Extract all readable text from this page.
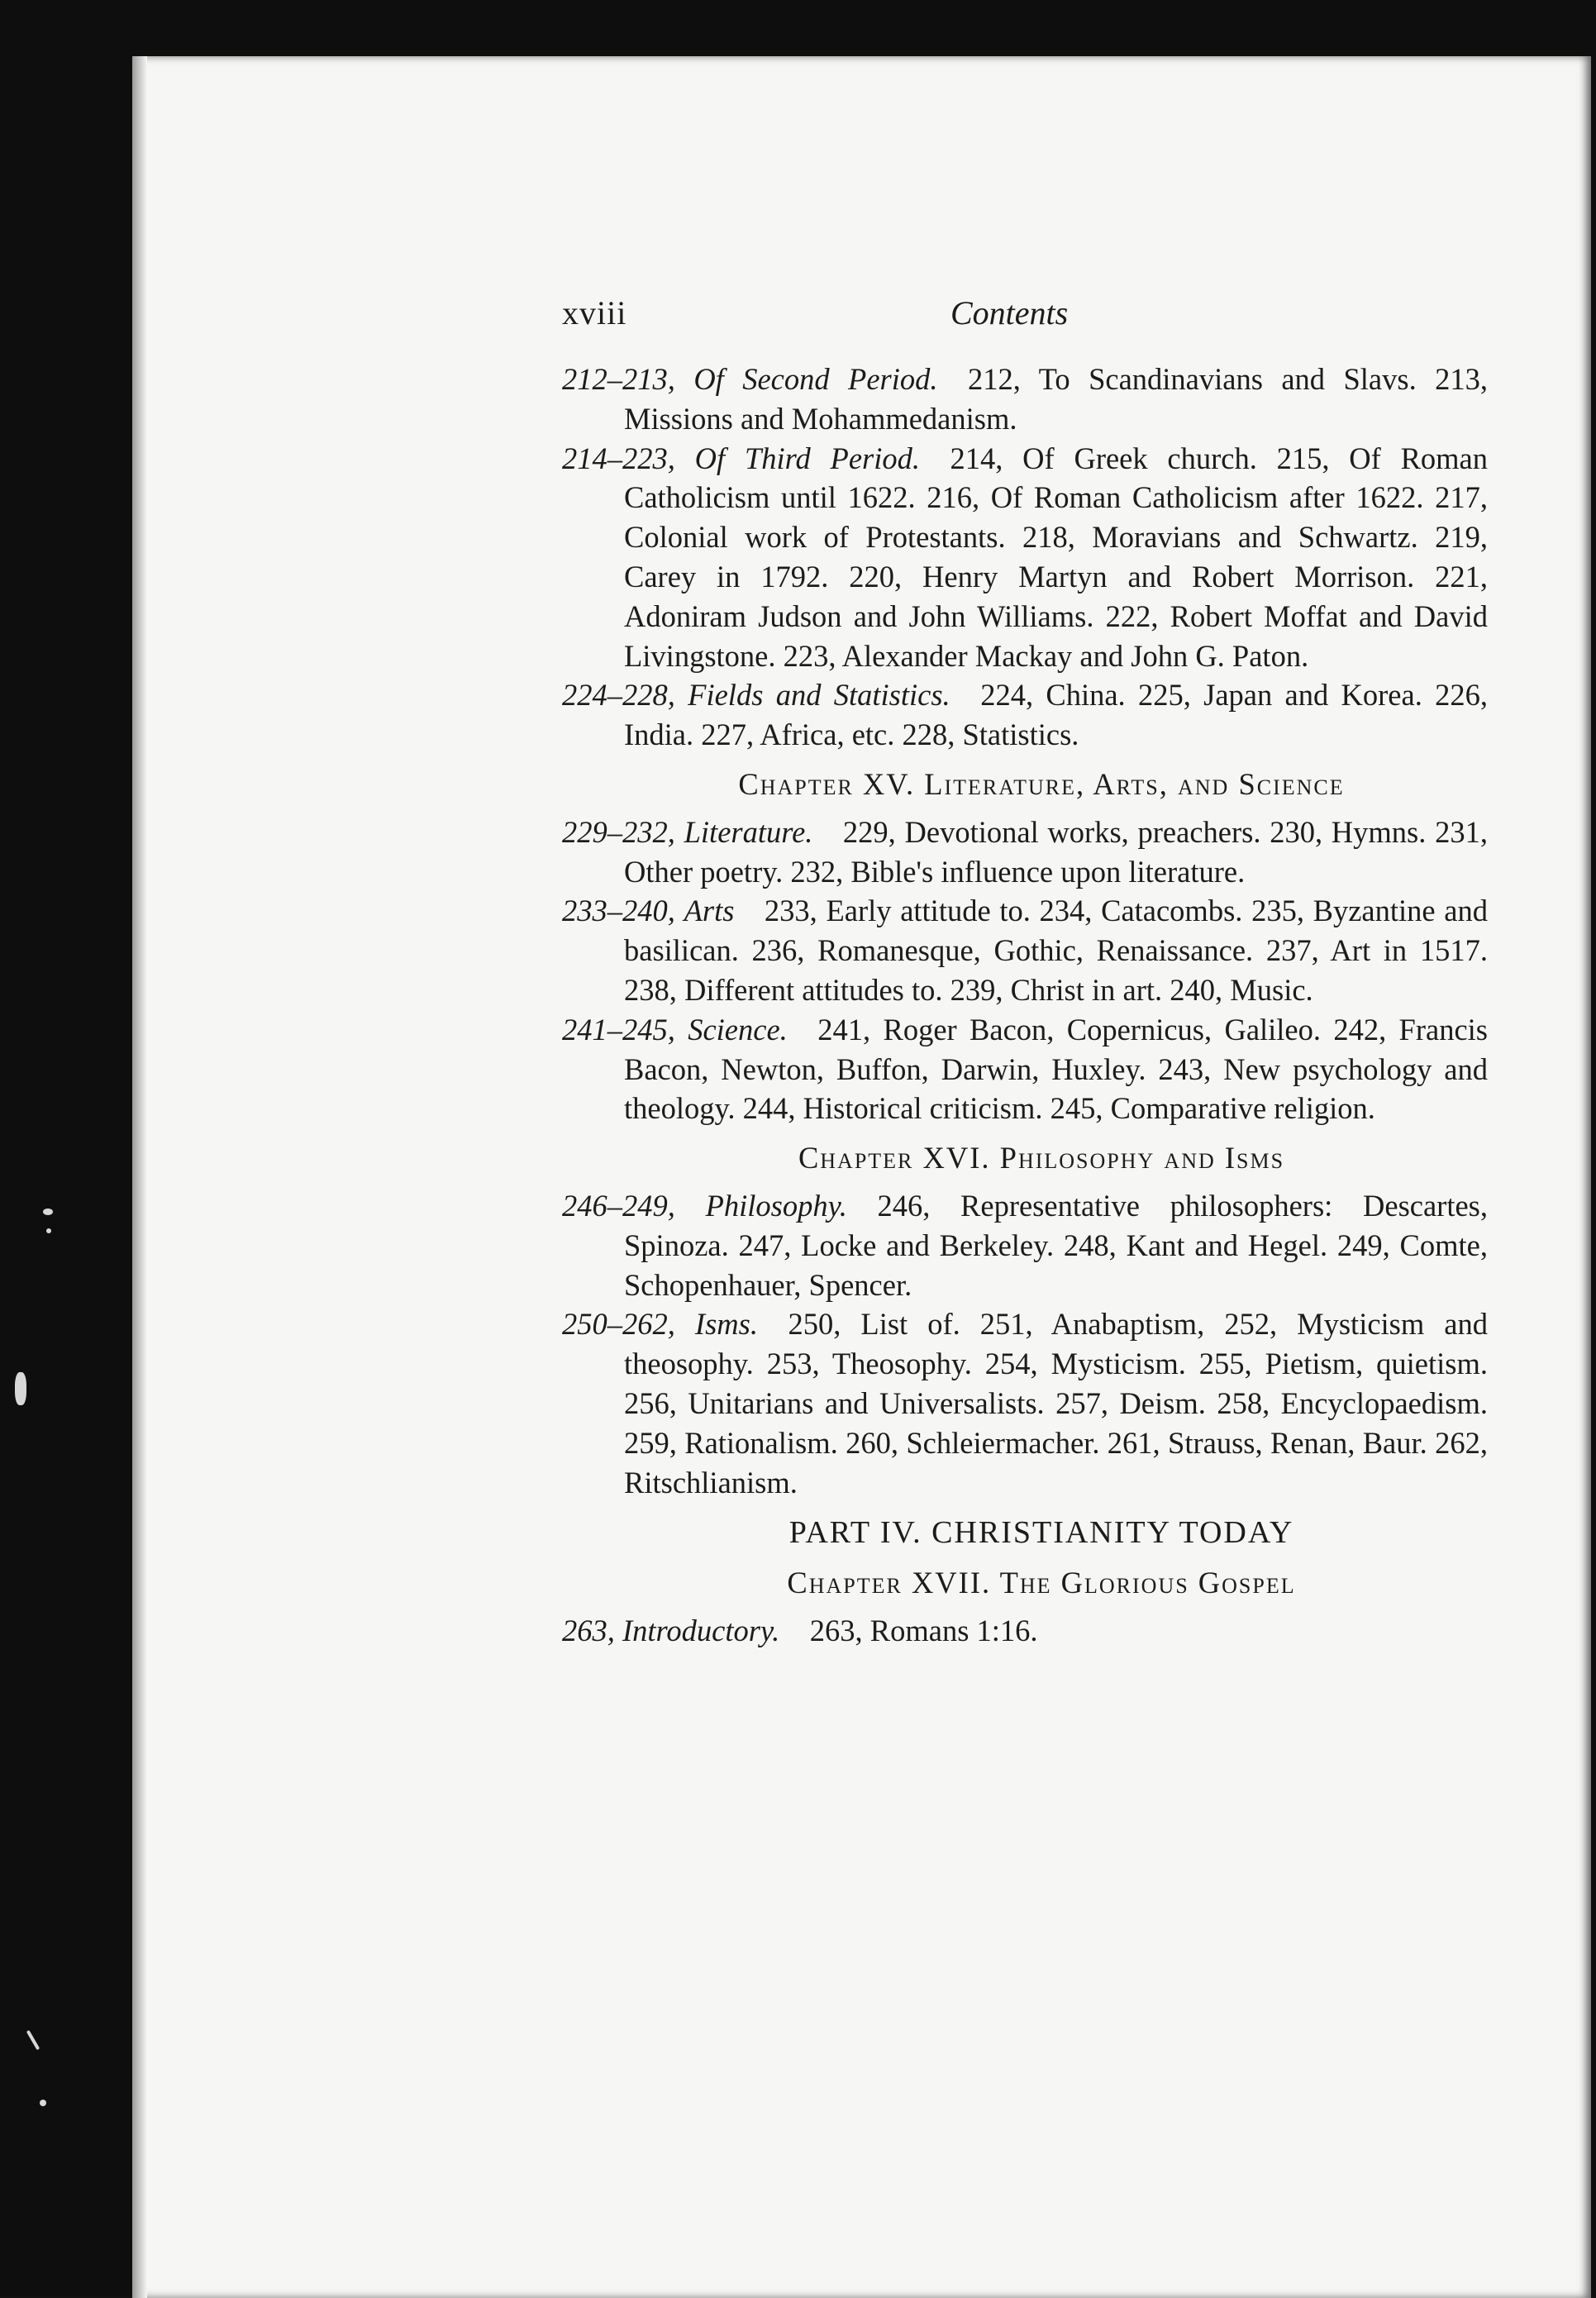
xviii	Contents

212–213, Of Second Period.  212, To Scandinavians and Slavs. 213, Missions and Mohammedanism.

214–223, Of Third Period.  214, Of Greek church. 215, Of Roman Catholicism until 1622. 216, Of Roman Catholicism after 1622. 217, Colonial work of Protestants. 218, Moravians and Schwartz. 219, Carey in 1792. 220, Henry Martyn and Robert Morrison. 221, Adoniram Judson and John Williams. 222, Robert Moffat and David Livingstone. 223, Alexander Mackay and John G. Paton.

224–228, Fields and Statistics.  224, China. 225, Japan and Korea. 226, India. 227, Africa, etc. 228, Statistics.

Chapter XV. Literature, Arts, and Science

229–232, Literature.  229, Devotional works, preachers. 230, Hymns. 231, Other poetry. 232, Bible's influence upon literature.

233–240, Arts  233, Early attitude to. 234, Catacombs. 235, Byzantine and basilican. 236, Romanesque, Gothic, Renaissance. 237, Art in 1517. 238, Different attitudes to. 239, Christ in art. 240, Music.

241–245, Science.  241, Roger Bacon, Copernicus, Galileo. 242, Francis Bacon, Newton, Buffon, Darwin, Huxley. 243, New psychology and theology. 244, Historical criticism. 245, Comparative religion.

Chapter XVI. Philosophy and Isms

246–249, Philosophy.  246, Representative philosophers: Descartes, Spinoza. 247, Locke and Berkeley. 248, Kant and Hegel. 249, Comte, Schopenhauer, Spencer.

250–262, Isms.  250, List of. 251, Anabaptism, 252, Mysticism and theosophy. 253, Theosophy. 254, Mysticism. 255, Pietism, quietism. 256, Unitarians and Universalists. 257, Deism. 258, Encyclopaedism. 259, Rationalism. 260, Schleiermacher. 261, Strauss, Renan, Baur. 262, Ritschlianism.

PART IV. CHRISTIANITY TODAY
Chapter XVII. The Glorious Gospel

263, Introductory.  263, Romans 1:16.
